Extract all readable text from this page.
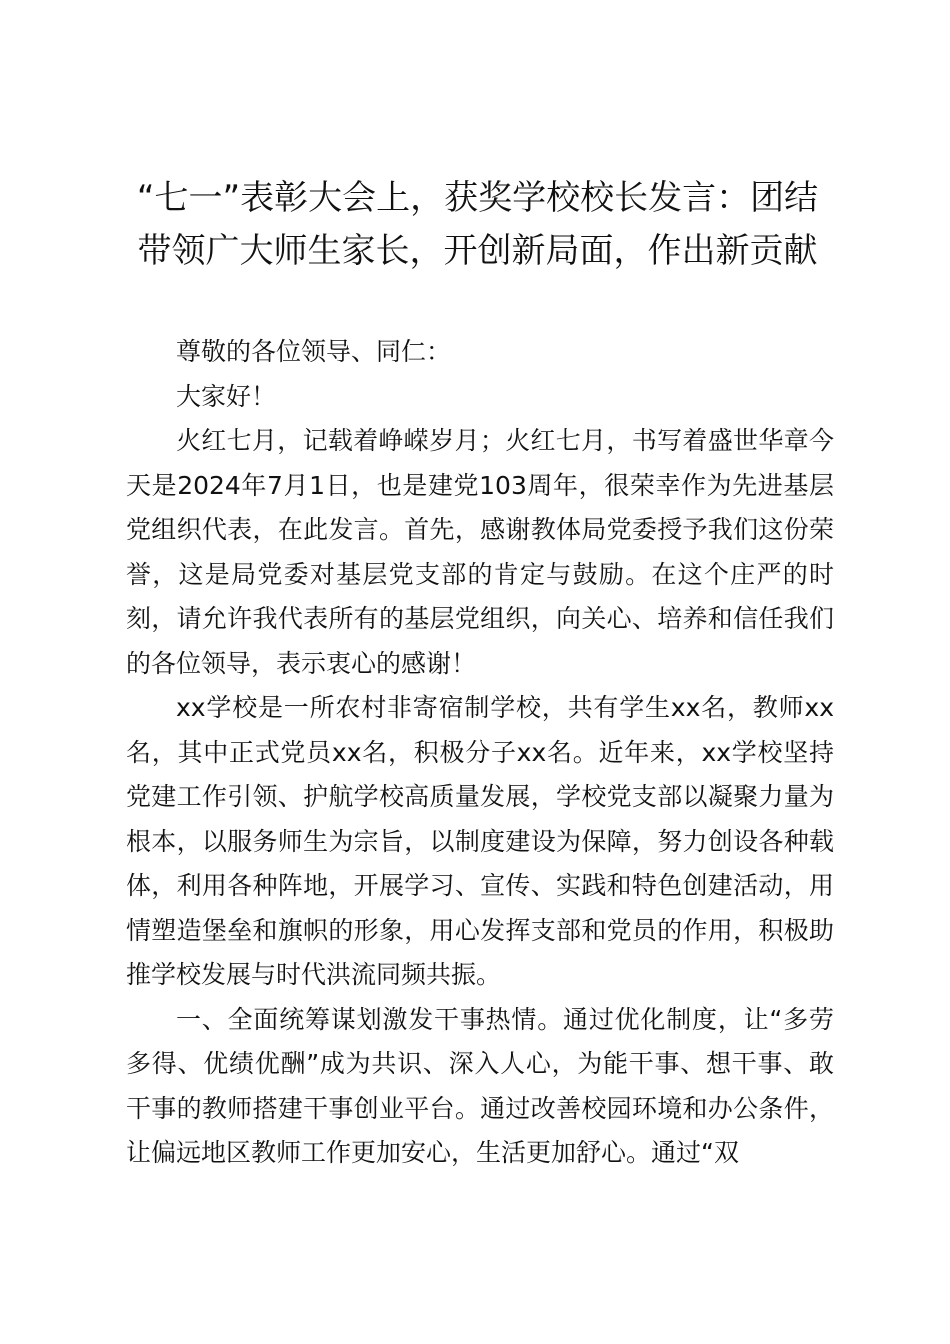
“七一”表彰大会上，获奖学校校长发言：团结带领广大师生家长，开创新局面，作出新贡献

尊敬的各位领导、同仁：

大家好！

火红七月，记载着峥嵘岁月；火红七月，书写着盛世华章今天是2024年7月1日，也是建党103周年，很荣幸作为先进基层党组织代表，在此发言。首先，感谢教体局党委授予我们这份荣誉，这是局党委对基层党支部的肯定与鼓励。在这个庄严的时刻，请允许我代表所有的基层党组织，向关心、培养和信任我们的各位领导，表示衷心的感谢！

xx学校是一所农村非寄宿制学校，共有学生xx名，教师xx名，其中正式党员xx名，积极分子xx名。近年来，xx学校坚持党建工作引领、护航学校高质量发展，学校党支部以凝聚力量为根本，以服务师生为宗旨，以制度建设为保障，努力创设各种载体，利用各种阵地，开展学习、宣传、实践和特色创建活动，用情塑造堡垒和旗帜的形象，用心发挥支部和党员的作用，积极助推学校发展与时代洪流同频共振。

一、全面统筹谋划激发干事热情。通过优化制度，让“多劳多得、优绩优酬”成为共识、深入人心，为能干事、想干事、敢干事的教师搭建干事创业平台。通过改善校园环境和办公条件，让偏远地区教师工作更加安心，生活更加舒心。通过“双
